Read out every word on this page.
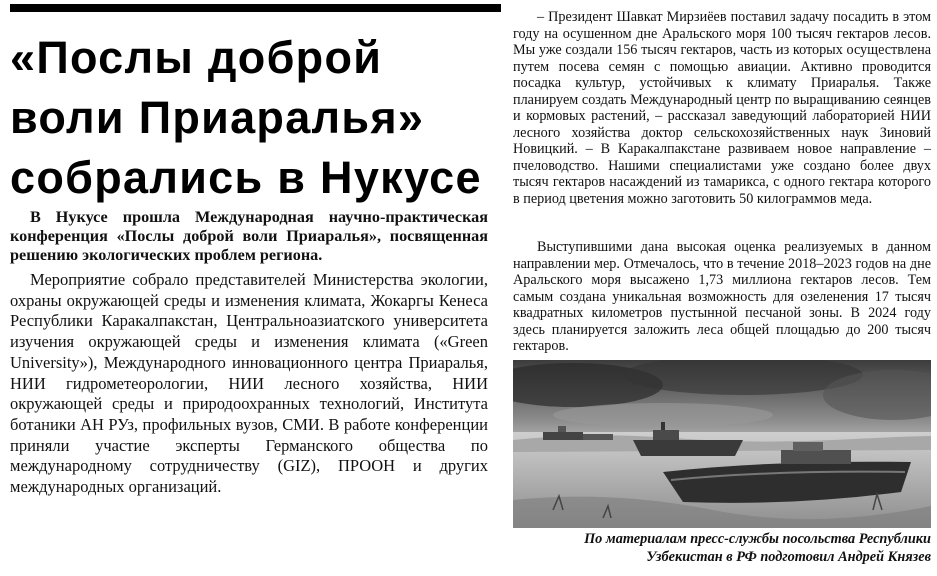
«Послы доброй
воли Приаралья»
собрались в Нукусе

В Нукусе прошла Международная научно-практическая конференция «Послы доброй воли Приаралья», посвященная решению экологических проблем региона.

Мероприятие собрало представителей Министерства экологии, охраны окружающей среды и изменения климата, Жокаргы Кенеса Республики Каракалпакстан, Центральноазиатского университета изучения окружающей среды и изменения климата («Green University»), Международного инновационного центра Приаралья, НИИ гидрометеорологии, НИИ лесного хозяйства, НИИ окружающей среды и природоохранных технологий, Института ботаники АН РУз, профильных вузов, СМИ. В работе конференции приняли участие эксперты Германского общества по международному сотрудничеству (GIZ), ПРООН и других международных организаций.

– Президент Шавкат Мирзиёев поставил задачу посадить в этом году на осушенном дне Аральского моря 100 тысяч гектаров лесов. Мы уже создали 156 тысяч гектаров, часть из которых осуществлена путем посева семян с помощью авиации. Активно проводится посадка культур, устойчивых к климату Приаралья. Также планируем создать Международный центр по выращиванию сеянцев и кормовых растений, – рассказал заведующий лабораторией НИИ лесного хозяйства доктор сельскохозяйственных наук Зиновий Новицкий. – В Каракалпакстане развиваем новое направление – пчеловодство. Нашими специалистами уже создано более двух тысяч гектаров насаждений из тамарикса, с одного гектара которого в период цветения можно заготовить 50 килограммов меда.

Выступившими дана высокая оценка реализуемых в данном направлении мер. Отмечалось, что в течение 2018–2023 годов на дне Аральского моря высажено 1,73 миллиона гектаров лесов. Тем самым создана уникальная возможность для озеленения 17 тысяч квадратных километров пустынной песчаной зоны. В 2024 году здесь планируется заложить леса общей площадью до 200 тысяч гектаров.

По материалам пресс-службы посольства Республики Узбекистан в РФ подготовил Андрей Князев
